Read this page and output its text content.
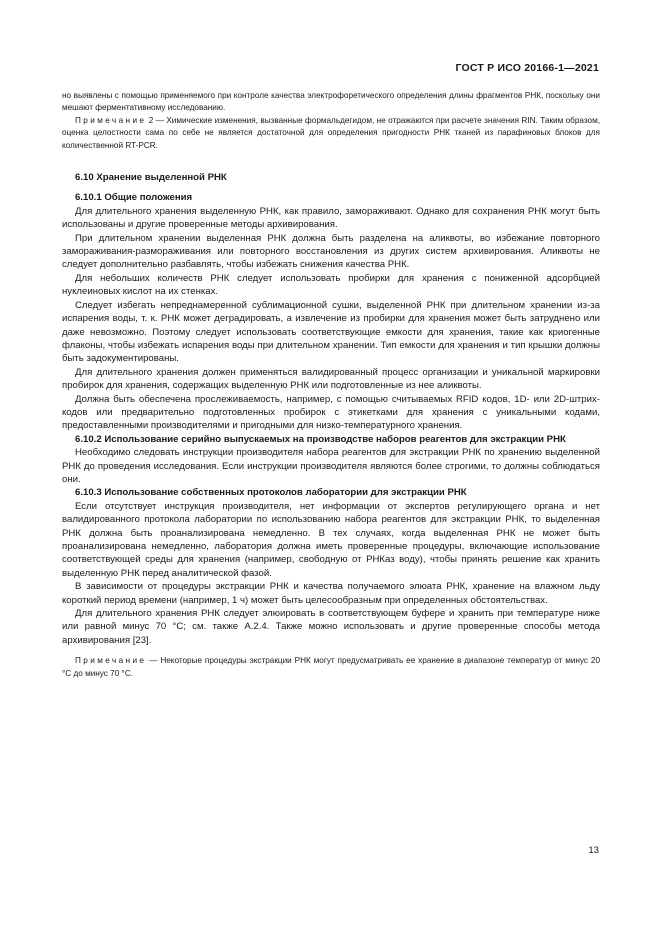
ГОСТ Р ИСО 20166-1—2021

но выявлены с помощью применяемого при контроле качества электрофоретического определения длины фрагментов РНК, поскольку они мешают ферментативному исследованию.

Примечание 2 — Химические изменения, вызванные формальдегидом, не отражаются при расчете значения RIN. Таким образом, оценка целостности сама по себе не является достаточной для определения пригодности РНК тканей из парафиновых блоков для количественной RT-PCR.

6.10 Хранение выделенной РНК
6.10.1 Общие положения

Для длительного хранения выделенную РНК, как правило, замораживают. Однако для сохранения РНК могут быть использованы и другие проверенные методы архивирования.

При длительном хранении выделенная РНК должна быть разделена на аликвоты, во избежание повторного замораживания-размораживания или повторного восстановления из других систем архивирования. Аликвоты не следует дополнительно разбавлять, чтобы избежать снижения качества РНК.

Для небольших количеств РНК следует использовать пробирки для хранения с пониженной адсорбцией нуклеиновых кислот на их стенках.

Следует избегать непреднамеренной сублимационной сушки, выделенной РНК при длительном хранении из-за испарения воды, т. к. РНК может деградировать, а извлечение из пробирки для хранения может быть затруднено или даже невозможно. Поэтому следует использовать соответствующие емкости для хранения, такие как криогенные флаконы, чтобы избежать испарения воды при длительном хранении. Тип емкости для хранения и тип крышки должны быть задокументированы.

Для длительного хранения должен применяться валидированный процесс организации и уникальной маркировки пробирок для хранения, содержащих выделенную РНК или подготовленные из нее аликвоты.

Должна быть обеспечена прослеживаемость, например, с помощью считываемых RFID кодов, 1D- или 2D-штрих-кодов или предварительно подготовленных пробирок с этикетками для хранения с уникальными кодами, предоставленными производителями и пригодными для низко-температурного хранения.

6.10.2 Использование серийно выпускаемых на производстве наборов реагентов для экстракции РНК

Необходимо следовать инструкции производителя набора реагентов для экстракции РНК по хранению выделенной РНК до проведения исследования. Если инструкции производителя являются более строгими, то должны соблюдаться они.

6.10.3 Использование собственных протоколов лаборатории для экстракции РНК

Если отсутствует инструкция производителя, нет информации от экспертов регулирующего органа и нет валидированного протокола лаборатории по использованию набора реагентов для экстракции РНК, то выделенная РНК должна быть проанализирована немедленно. В тех случаях, когда выделенная РНК не может быть проанализирована немедленно, лаборатория должна иметь проверенные процедуры, включающие использование соответствующей среды для хранения (например, свободную от РНКаз воду), чтобы принять решение как хранить выделенную РНК перед аналитической фазой.

В зависимости от процедуры экстракции РНК и качества получаемого элюата РНК, хранение на влажном льду короткий период времени (например, 1 ч) может быть целесообразным при определенных обстоятельствах.

Для длительного хранения РНК следует элюировать в соответствующем буфере и хранить при температуре ниже или равной минус 70 °С; см. также А.2.4. Также можно использовать и другие проверенные способы метода архивирования [23].

Примечание — Некоторые процедуры экстракции РНК могут предусматривать ее хранение в диапазоне температур от минус 20 °С до минус 70 °С.

13
